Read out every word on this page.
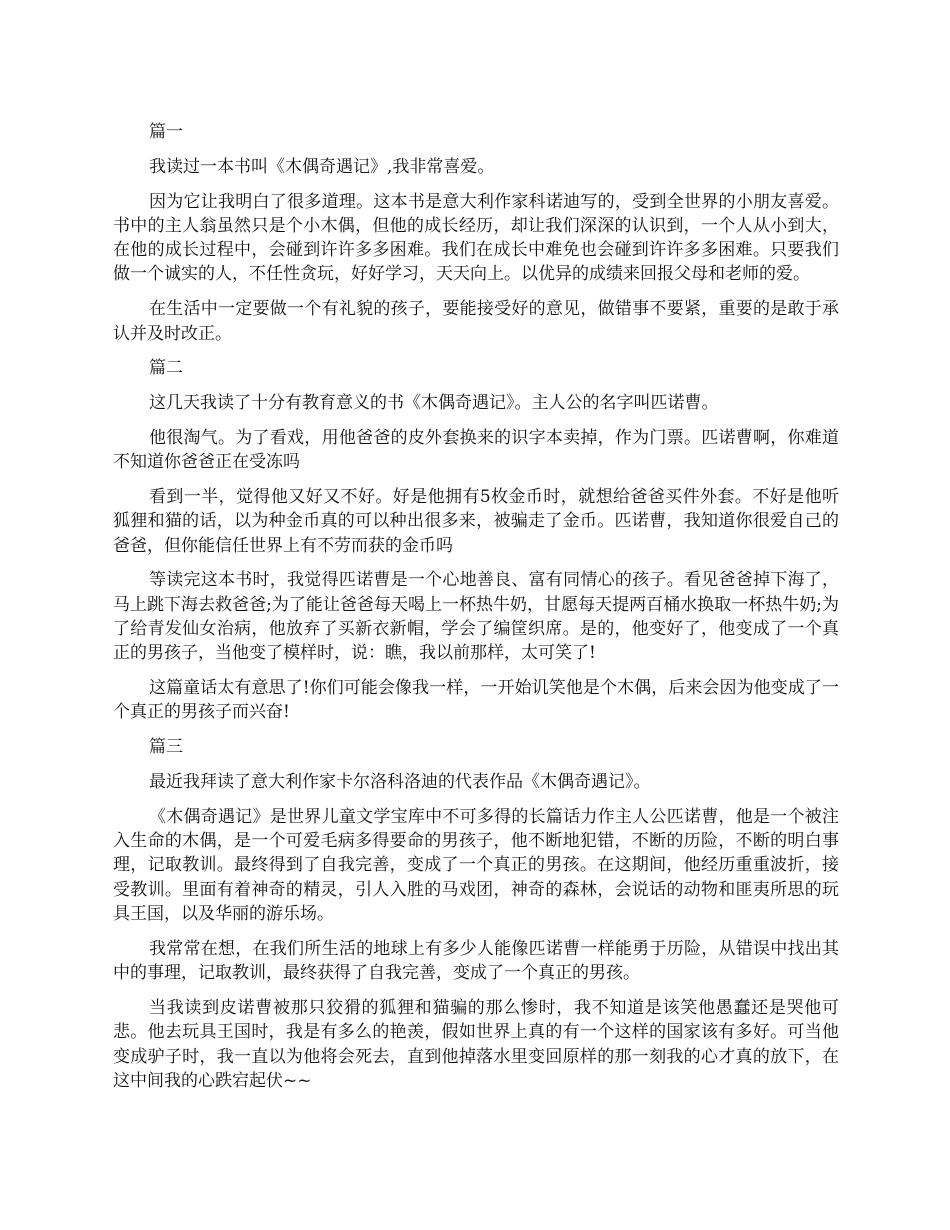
篇一

我读过一本书叫《木偶奇遇记》,我非常喜爱。

因为它让我明白了很多道理。这本书是意大利作家科诺迪写的，受到全世界的小朋友喜爱。书中的主人翁虽然只是个小木偶，但他的成长经历，却让我们深深的认识到，一个人从小到大，在他的成长过程中，会碰到许许多多困难。我们在成长中难免也会碰到许许多多困难。只要我们做一个诚实的人，不任性贪玩，好好学习，天天向上。以优异的成绩来回报父母和老师的爱。

在生活中一定要做一个有礼貌的孩子，要能接受好的意见，做错事不要紧，重要的是敢于承认并及时改正。

篇二

这几天我读了十分有教育意义的书《木偶奇遇记》。主人公的名字叫匹诺曹。

他很淘气。为了看戏，用他爸爸的皮外套换来的识字本卖掉，作为门票。匹诺曹啊，你难道不知道你爸爸正在受冻吗

看到一半，觉得他又好又不好。好是他拥有5枚金币时，就想给爸爸买件外套。不好是他听狐狸和猫的话，以为种金币真的可以种出很多来，被骗走了金币。匹诺曹，我知道你很爱自己的爸爸，但你能信任世界上有不劳而获的金币吗

等读完这本书时，我觉得匹诺曹是一个心地善良、富有同情心的孩子。看见爸爸掉下海了，马上跳下海去救爸爸;为了能让爸爸每天喝上一杯热牛奶，甘愿每天提两百桶水换取一杯热牛奶;为了给青发仙女治病，他放弃了买新衣新帽，学会了编筐织席。是的，他变好了，他变成了一个真正的男孩子，当他变了模样时，说：瞧，我以前那样，太可笑了!

这篇童话太有意思了!你们可能会像我一样，一开始讥笑他是个木偶，后来会因为他变成了一个真正的男孩子而兴奋!

篇三

最近我拜读了意大利作家卡尔洛科洛迪的代表作品《木偶奇遇记》。

《木偶奇遇记》是世界儿童文学宝库中不可多得的长篇话力作主人公匹诺曹，他是一个被注入生命的木偶，是一个可爱毛病多得要命的男孩子，他不断地犯错，不断的历险，不断的明白事理，记取教训。最终得到了自我完善，变成了一个真正的男孩。在这期间，他经历重重波折，接受教训。里面有着神奇的精灵，引人入胜的马戏团，神奇的森林，会说话的动物和匪夷所思的玩具王国，以及华丽的游乐场。

我常常在想，在我们所生活的地球上有多少人能像匹诺曹一样能勇于历险，从错误中找出其中的事理，记取教训，最终获得了自我完善，变成了一个真正的男孩。

当我读到皮诺曹被那只狡猾的狐狸和猫骗的那么惨时，我不知道是该笑他愚蠢还是哭他可悲。他去玩具王国时，我是有多么的艳羡，假如世界上真的有一个这样的国家该有多好。可当他变成驴子时，我一直以为他将会死去，直到他掉落水里变回原样的那一刻我的心才真的放下，在这中间我的心跌宕起伏~~
